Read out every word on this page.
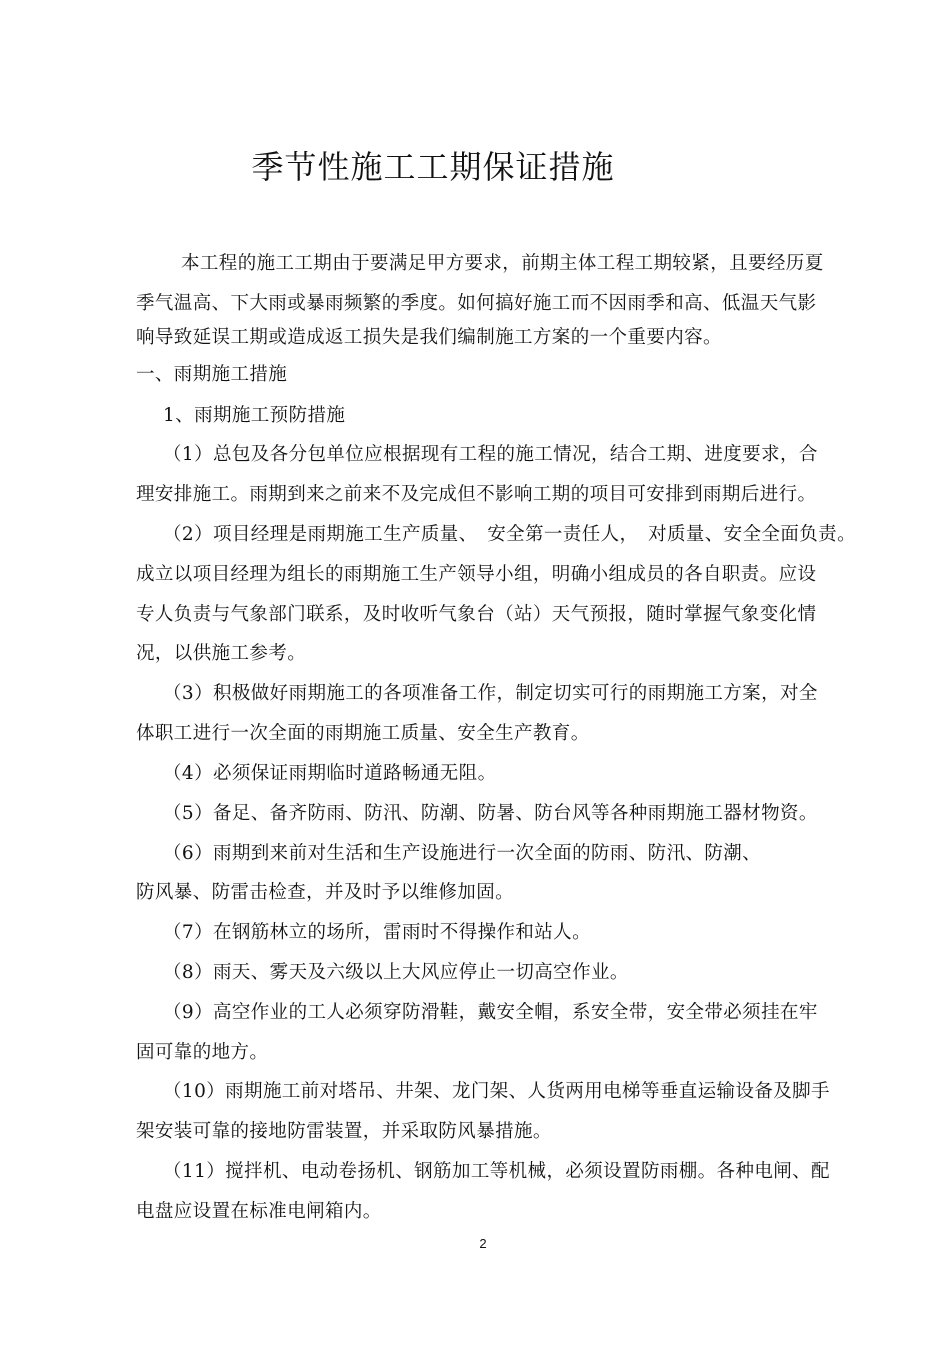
季节性施工工期保证措施
本工程的施工工期由于要满足甲方要求，前期主体工程工期较紧，且要经历夏
季气温高、下大雨或暴雨频繁的季度。如何搞好施工而不因雨季和高、低温天气影
响导致延误工期或造成返工损失是我们编制施工方案的一个重要内容。
一、雨期施工措施
1、雨期施工预防措施
（1）总包及各分包单位应根据现有工程的施工情况，结合工期、进度要求，合
理安排施工。雨期到来之前来不及完成但不影响工期的项目可安排到雨期后进行。
（2）项目经理是雨期施工生产质量、　安全第一责任人，　对质量、安全全面负责。
成立以项目经理为组长的雨期施工生产领导小组，明确小组成员的各自职责。应设
专人负责与气象部门联系，及时收听气象台（站）天气预报，随时掌握气象变化情
况，以供施工参考。
（3）积极做好雨期施工的各项准备工作，制定切实可行的雨期施工方案，对全
体职工进行一次全面的雨期施工质量、安全生产教育。
（4）必须保证雨期临时道路畅通无阻。
（5）备足、备齐防雨、防汛、防潮、防暑、防台风等各种雨期施工器材物资。
（6）雨期到来前对生活和生产设施进行一次全面的防雨、防汛、防潮、
防风暴、防雷击检查，并及时予以维修加固。
（7）在钢筋林立的场所，雷雨时不得操作和站人。
（8）雨天、雾天及六级以上大风应停止一切高空作业。
（9）高空作业的工人必须穿防滑鞋，戴安全帽，系安全带，安全带必须挂在牢
固可靠的地方。
（10）雨期施工前对塔吊、井架、龙门架、人货两用电梯等垂直运输设备及脚手
架安装可靠的接地防雷装置，并采取防风暴措施。
（11）搅拌机、电动卷扬机、钢筋加工等机械，必须设置防雨棚。各种电闸、配
电盘应设置在标准电闸箱内。
2
